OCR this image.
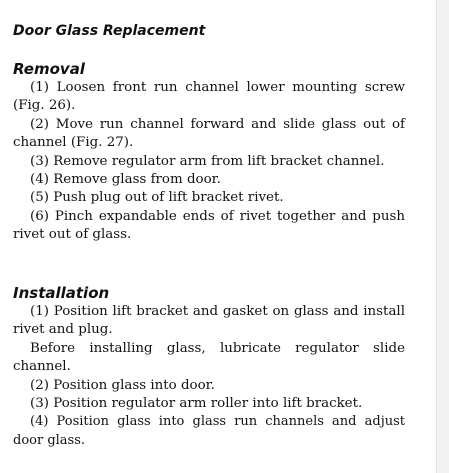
Door Glass Replacement
Removal

(1) Loosen front run channel lower mounting screw (Fig. 26).

(2) Move run channel forward and slide glass out of channel (Fig. 27).

(3) Remove regulator arm from lift bracket channel.

(4) Remove glass from door.

(5) Push plug out of lift bracket rivet.

(6) Pinch expandable ends of rivet together and push rivet out of glass.

Installation

(1) Position lift bracket and gasket on glass and install rivet and plug.

Before installing glass, lubricate regulator slide channel.

(2) Position glass into door.

(3) Position regulator arm roller into lift bracket.

(4) Position glass into glass run channels and adjust door glass.
